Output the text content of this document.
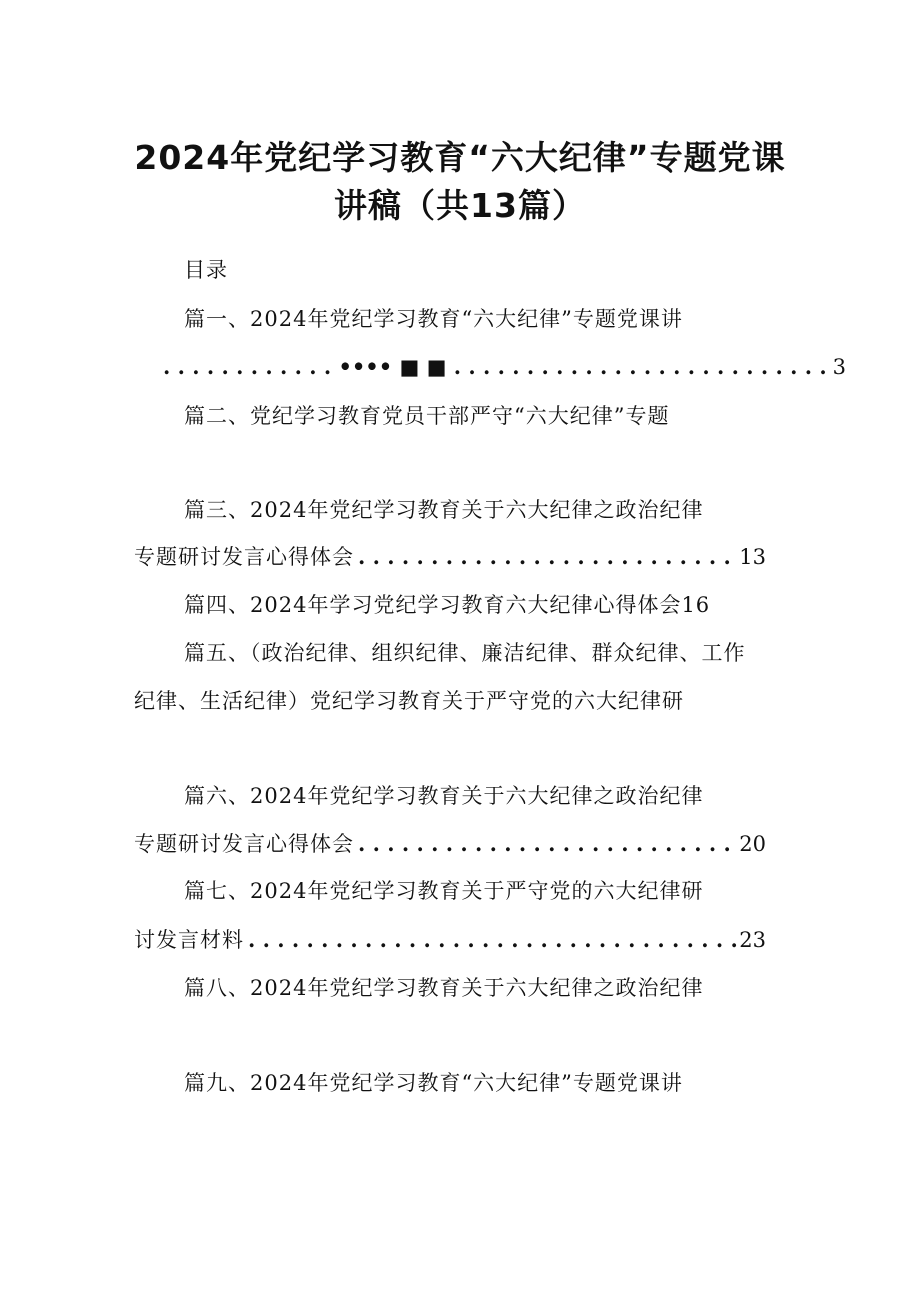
2024年党纪学习教育“六大纪律”专题党课
讲稿（共13篇）
目录
篇一、2024年党纪学习教育“六大纪律”专题党课讲
. . . . . . . . . . . . •••• ■ ■ . . . . . . . . . . . . . . . . . . . . . . . . . . 3
篇二、党纪学习教育党员干部严守“六大纪律”专题
篇三、2024年党纪学习教育关于六大纪律之政治纪律
专题研讨发言心得体会 . . .	13
篇四、2024年学习党纪学习教育六大纪律心得体会16
篇五、（政治纪律、组织纪律、廉洁纪律、群众纪律、工作
纪律、生活纪律）党纪学习教育关于严守党的六大纪律研
篇六、2024年党纪学习教育关于六大纪律之政治纪律
专题研讨发言心得体会 . . .	20
篇七、2024年党纪学习教育关于严守党的六大纪律研
讨发言材料 . . .	23
篇八、2024年党纪学习教育关于六大纪律之政治纪律
篇九、2024年党纪学习教育“六大纪律”专题党课讲
